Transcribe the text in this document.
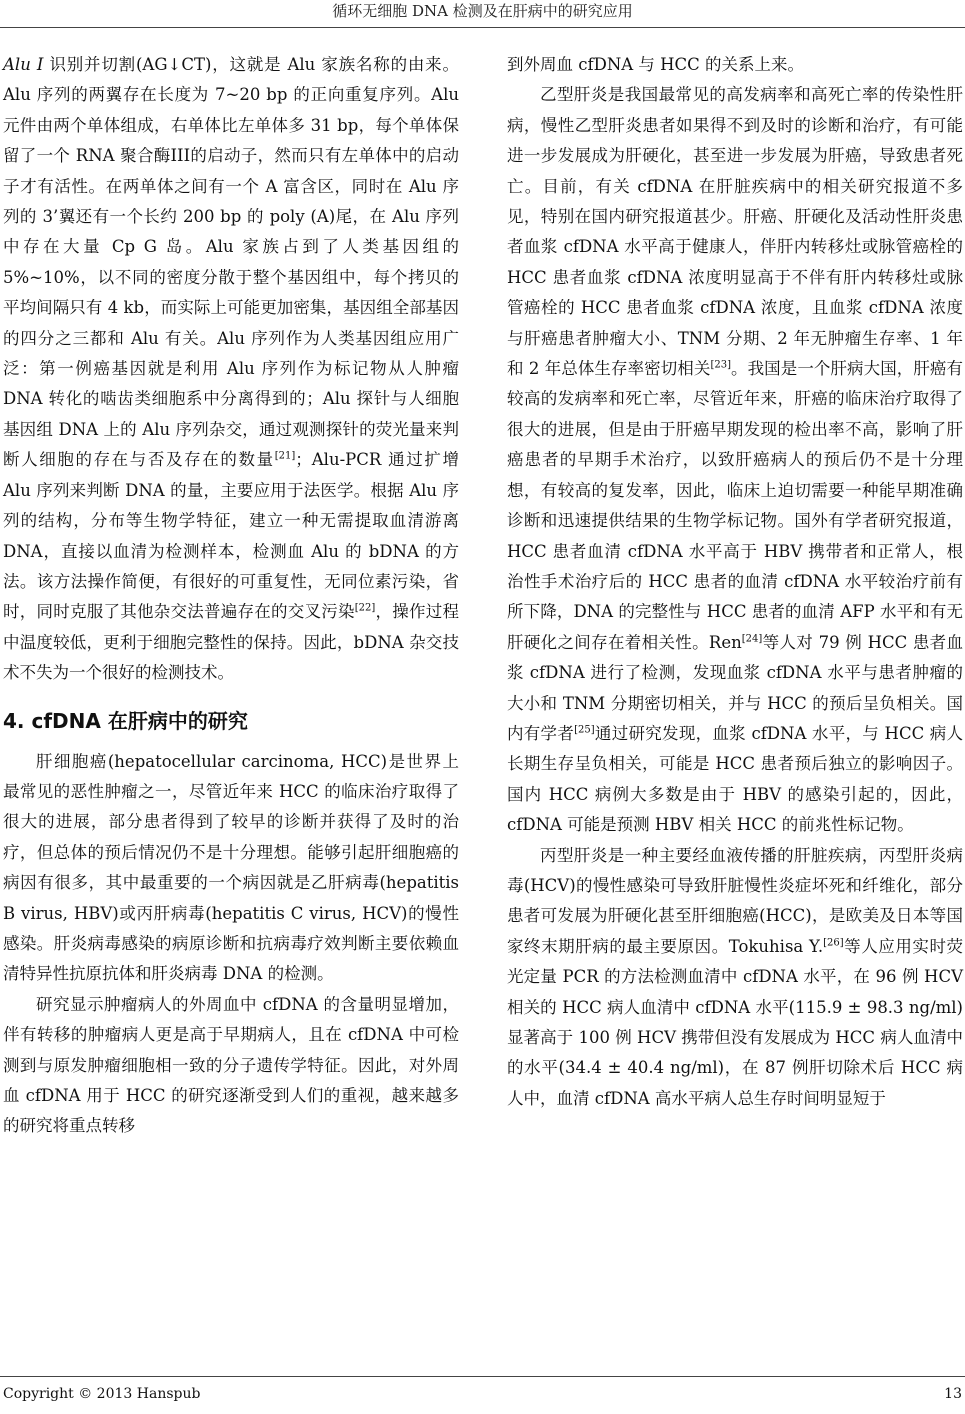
循环无细胞 DNA 检测及在肝病中的研究应用

Alu I 识别并切割(AG↓CT)，这就是 Alu 家族名称的由来。Alu 序列的两翼存在长度为 7~20 bp 的正向重复序列。Alu 元件由两个单体组成，右单体比左单体多 31 bp，每个单体保留了一个 RNA 聚合酶III的启动子，然而只有左单体中的启动子才有活性。在两单体之间有一个 A 富含区，同时在 Alu 序列的 3’翼还有一个长约 200 bp 的 poly (A)尾，在 Alu 序列中存在大量 Cp G 岛。Alu 家族占到了人类基因组的 5%~10%，以不同的密度分散于整个基因组中，每个拷贝的平均间隔只有 4 kb，而实际上可能更加密集，基因组全部基因的四分之三都和 Alu 有关。Alu 序列作为人类基因组应用广泛：第一例癌基因就是利用 Alu 序列作为标记物从人肿瘤 DNA 转化的啮齿类细胞系中分离得到的；Alu 探针与人细胞基因组 DNA 上的 Alu 序列杂交，通过观测探针的荧光量来判断人细胞的存在与否及存在的数量[21]；Alu-PCR 通过扩增 Alu 序列来判断 DNA 的量，主要应用于法医学。根据 Alu 序列的结构，分布等生物学特征，建立一种无需提取血清游离 DNA，直接以血清为检测样本，检测血 Alu 的 bDNA 的方法。该方法操作简便，有很好的可重复性，无同位素污染，省时，同时克服了其他杂交法普遍存在的交叉污染[22]，操作过程中温度较低，更利于细胞完整性的保持。因此，bDNA 杂交技术不失为一个很好的检测技术。

4. cfDNA 在肝病中的研究

肝细胞癌(hepatocellular carcinoma, HCC)是世界上最常见的恶性肿瘤之一，尽管近年来 HCC 的临床治疗取得了很大的进展，部分患者得到了较早的诊断并获得了及时的治疗，但总体的预后情况仍不是十分理想。能够引起肝细胞癌的病因有很多，其中最重要的一个病因就是乙肝病毒(hepatitis B virus, HBV)或丙肝病毒(hepatitis C virus, HCV)的慢性感染。肝炎病毒感染的病原诊断和抗病毒疗效判断主要依赖血清特异性抗原抗体和肝炎病毒 DNA 的检测。

研究显示肿瘤病人的外周血中 cfDNA 的含量明显增加，伴有转移的肿瘤病人更是高于早期病人，且在 cfDNA 中可检测到与原发肿瘤细胞相一致的分子遗传学特征。因此，对外周血 cfDNA 用于 HCC 的研究逐渐受到人们的重视，越来越多的研究将重点转移

到外周血 cfDNA 与 HCC 的关系上来。

乙型肝炎是我国最常见的高发病率和高死亡率的传染性肝病，慢性乙型肝炎患者如果得不到及时的诊断和治疗，有可能进一步发展成为肝硬化，甚至进一步发展为肝癌，导致患者死亡。目前，有关 cfDNA 在肝脏疾病中的相关研究报道不多见，特别在国内研究报道甚少。肝癌、肝硬化及活动性肝炎患者血浆 cfDNA 水平高于健康人，伴肝内转移灶或脉管癌栓的 HCC 患者血浆 cfDNA 浓度明显高于不伴有肝内转移灶或脉管癌栓的 HCC 患者血浆 cfDNA 浓度，且血浆 cfDNA 浓度与肝癌患者肿瘤大小、TNM 分期、2 年无肿瘤生存率、1 年和 2 年总体生存率密切相关[23]。我国是一个肝病大国，肝癌有较高的发病率和死亡率，尽管近年来，肝癌的临床治疗取得了很大的进展，但是由于肝癌早期发现的检出率不高，影响了肝癌患者的早期手术治疗，以致肝癌病人的预后仍不是十分理想，有较高的复发率，因此，临床上迫切需要一种能早期准确诊断和迅速提供结果的生物学标记物。国外有学者研究报道，HCC 患者血清 cfDNA 水平高于 HBV 携带者和正常人，根治性手术治疗后的 HCC 患者的血清 cfDNA 水平较治疗前有所下降，DNA 的完整性与 HCC 患者的血清 AFP 水平和有无肝硬化之间存在着相关性。Ren[24]等人对 79 例 HCC 患者血浆 cfDNA 进行了检测，发现血浆 cfDNA 水平与患者肿瘤的大小和 TNM 分期密切相关，并与 HCC 的预后呈负相关。国内有学者[25]通过研究发现，血浆 cfDNA 水平，与 HCC 病人长期生存呈负相关，可能是 HCC 患者预后独立的影响因子。国内 HCC 病例大多数是由于 HBV 的感染引起的，因此，cfDNA 可能是预测 HBV 相关 HCC 的前兆性标记物。

丙型肝炎是一种主要经血液传播的肝脏疾病，丙型肝炎病毒(HCV)的慢性感染可导致肝脏慢性炎症坏死和纤维化，部分患者可发展为肝硬化甚至肝细胞癌(HCC)，是欧美及日本等国家终末期肝病的最主要原因。Tokuhisa Y.[26]等人应用实时荧光定量 PCR 的方法检测血清中 cfDNA 水平，在 96 例 HCV 相关的 HCC 病人血清中 cfDNA 水平(115.9 ± 98.3 ng/ml)显著高于 100 例 HCV 携带但没有发展成为 HCC 病人血清中的水平(34.4 ± 40.4 ng/ml)，在 87 例肝切除术后 HCC 病人中，血清 cfDNA 高水平病人总生存时间明显短于

Copyright © 2013 Hanspub	13
